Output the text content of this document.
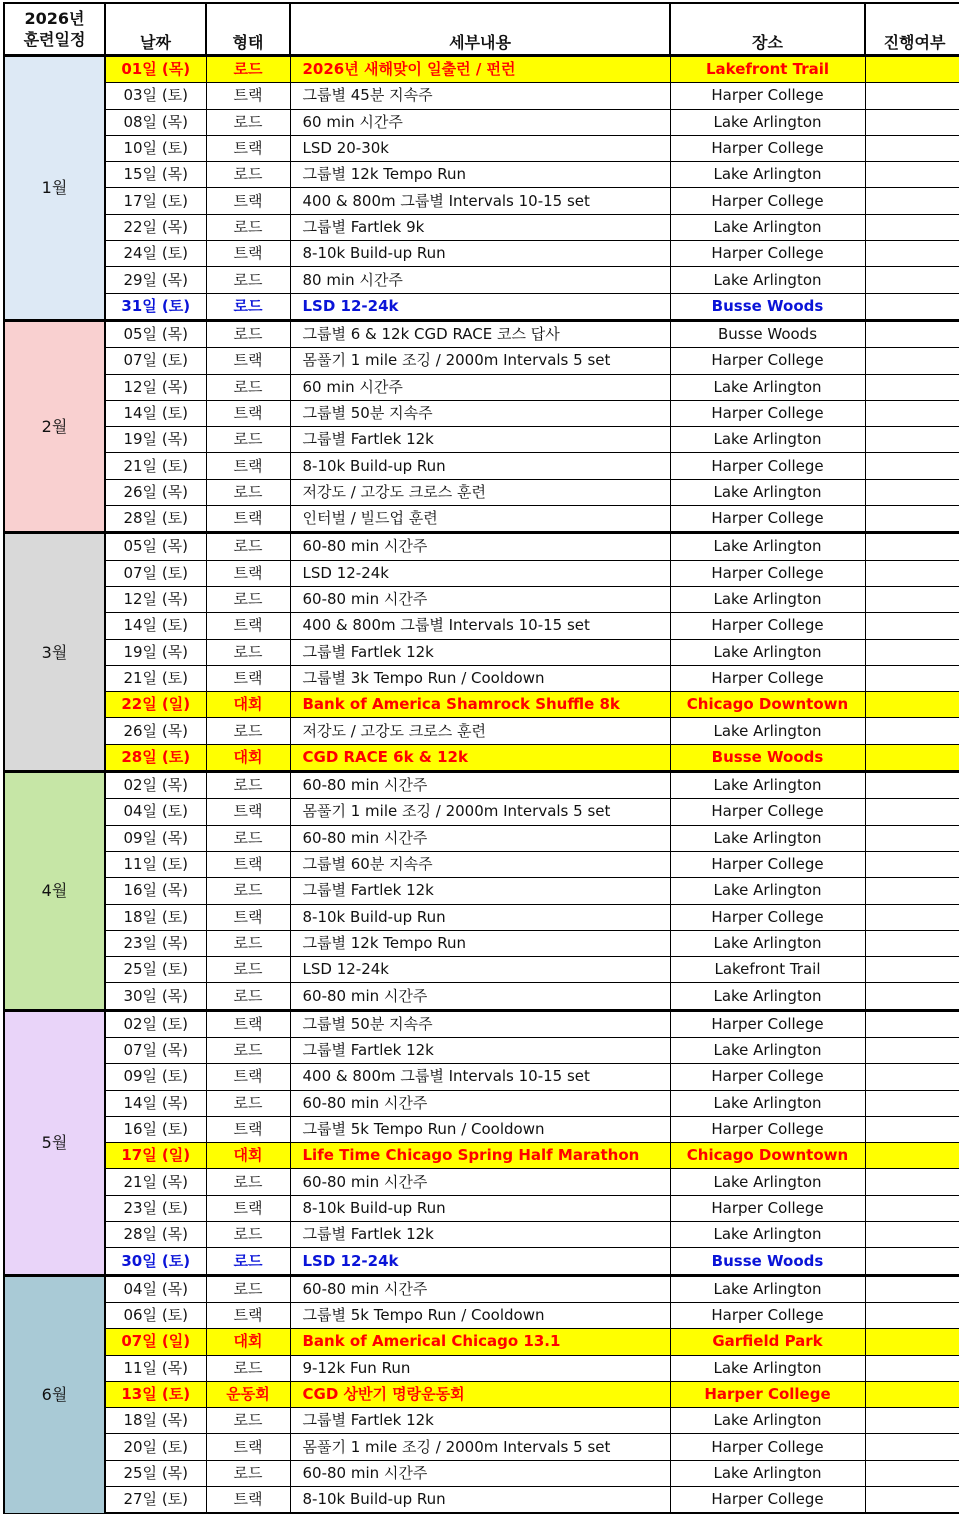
2026년
훈련일정	날짜	형태	세부내용	장소	진행여부
1월	01일 (목)	로드	2026년 새해맞이 일출런 / 펀런	Lakefront Trail	
	03일 (토)	트랙	그룹별 45분 지속주	Harper College	
	08일 (목)	로드	60 min 시간주	Lake Arlington	
	10일 (토)	트랙	LSD 20-30k	Harper College	
	15일 (목)	로드	그룹별 12k Tempo Run	Lake Arlington	
	17일 (토)	트랙	400 & 800m 그룹별 Intervals 10-15 set	Harper College	
	22일 (목)	로드	그룹별 Fartlek 9k	Lake Arlington	
	24일 (토)	트랙	8-10k Build-up Run	Harper College	
	29일 (목)	로드	80 min 시간주	Lake Arlington	
	31일 (토)	로드	LSD 12-24k	Busse Woods	
2월	05일 (목)	로드	그룹별 6 & 12k CGD RACE 코스 답사	Busse Woods	
	07일 (토)	트랙	몸풀기 1 mile 조깅 / 2000m Intervals 5 set	Harper College	
	12일 (목)	로드	60 min 시간주	Lake Arlington	
	14일 (토)	트랙	그룹별 50분 지속주	Harper College	
	19일 (목)	로드	그룹별 Fartlek 12k	Lake Arlington	
	21일 (토)	트랙	8-10k Build-up Run	Harper College	
	26일 (목)	로드	저강도 / 고강도 크로스 훈련	Lake Arlington	
	28일 (토)	트랙	인터벌 / 빌드업 훈련	Harper College	
3월	05일 (목)	로드	60-80 min 시간주	Lake Arlington	
	07일 (토)	트랙	LSD 12-24k	Harper College	
	12일 (목)	로드	60-80 min 시간주	Lake Arlington	
	14일 (토)	트랙	400 & 800m 그룹별 Intervals 10-15 set	Harper College	
	19일 (목)	로드	그룹별 Fartlek 12k	Lake Arlington	
	21일 (토)	트랙	그룹별 3k Tempo Run / Cooldown	Harper College	
	22일 (일)	대회	Bank of America Shamrock Shuffle 8k	Chicago Downtown	
	26일 (목)	로드	저강도 / 고강도 크로스 훈련	Lake Arlington	
	28일 (토)	대회	CGD RACE 6k & 12k	Busse Woods	
4월	02일 (목)	로드	60-80 min 시간주	Lake Arlington	
	04일 (토)	트랙	몸풀기 1 mile 조깅 / 2000m Intervals 5 set	Harper College	
	09일 (목)	로드	60-80 min 시간주	Lake Arlington	
	11일 (토)	트랙	그룹별 60분 지속주	Harper College	
	16일 (목)	로드	그룹별 Fartlek 12k	Lake Arlington	
	18일 (토)	트랙	8-10k Build-up Run	Harper College	
	23일 (목)	로드	그룹별 12k Tempo Run	Lake Arlington	
	25일 (토)	로드	LSD 12-24k	Lakefront Trail	
	30일 (목)	로드	60-80 min 시간주	Lake Arlington	
5월	02일 (토)	트랙	그룹별 50분 지속주	Harper College	
	07일 (목)	로드	그룹별 Fartlek 12k	Lake Arlington	
	09일 (토)	트랙	400 & 800m 그룹별 Intervals 10-15 set	Harper College	
	14일 (목)	로드	60-80 min 시간주	Lake Arlington	
	16일 (토)	트랙	그룹별 5k Tempo Run / Cooldown	Harper College	
	17일 (일)	대회	Life Time Chicago Spring Half Marathon	Chicago Downtown	
	21일 (목)	로드	60-80 min 시간주	Lake Arlington	
	23일 (토)	트랙	8-10k Build-up Run	Harper College	
	28일 (목)	로드	그룹별 Fartlek 12k	Lake Arlington	
	30일 (토)	로드	LSD 12-24k	Busse Woods	
6월	04일 (목)	로드	60-80 min 시간주	Lake Arlington	
	06일 (토)	트랙	그룹별 5k Tempo Run / Cooldown	Harper College	
	07일 (일)	대회	Bank of Americal Chicago 13.1	Garfield Park	
	11일 (목)	로드	9-12k Fun Run	Lake Arlington	
	13일 (토)	운동회	CGD 상반기 명랑운동회	Harper College	
	18일 (목)	로드	그룹별 Fartlek 12k	Lake Arlington	
	20일 (토)	트랙	몸풀기 1 mile 조깅 / 2000m Intervals 5 set	Harper College	
	25일 (목)	로드	60-80 min 시간주	Lake Arlington	
	27일 (토)	트랙	8-10k Build-up Run	Harper College	
